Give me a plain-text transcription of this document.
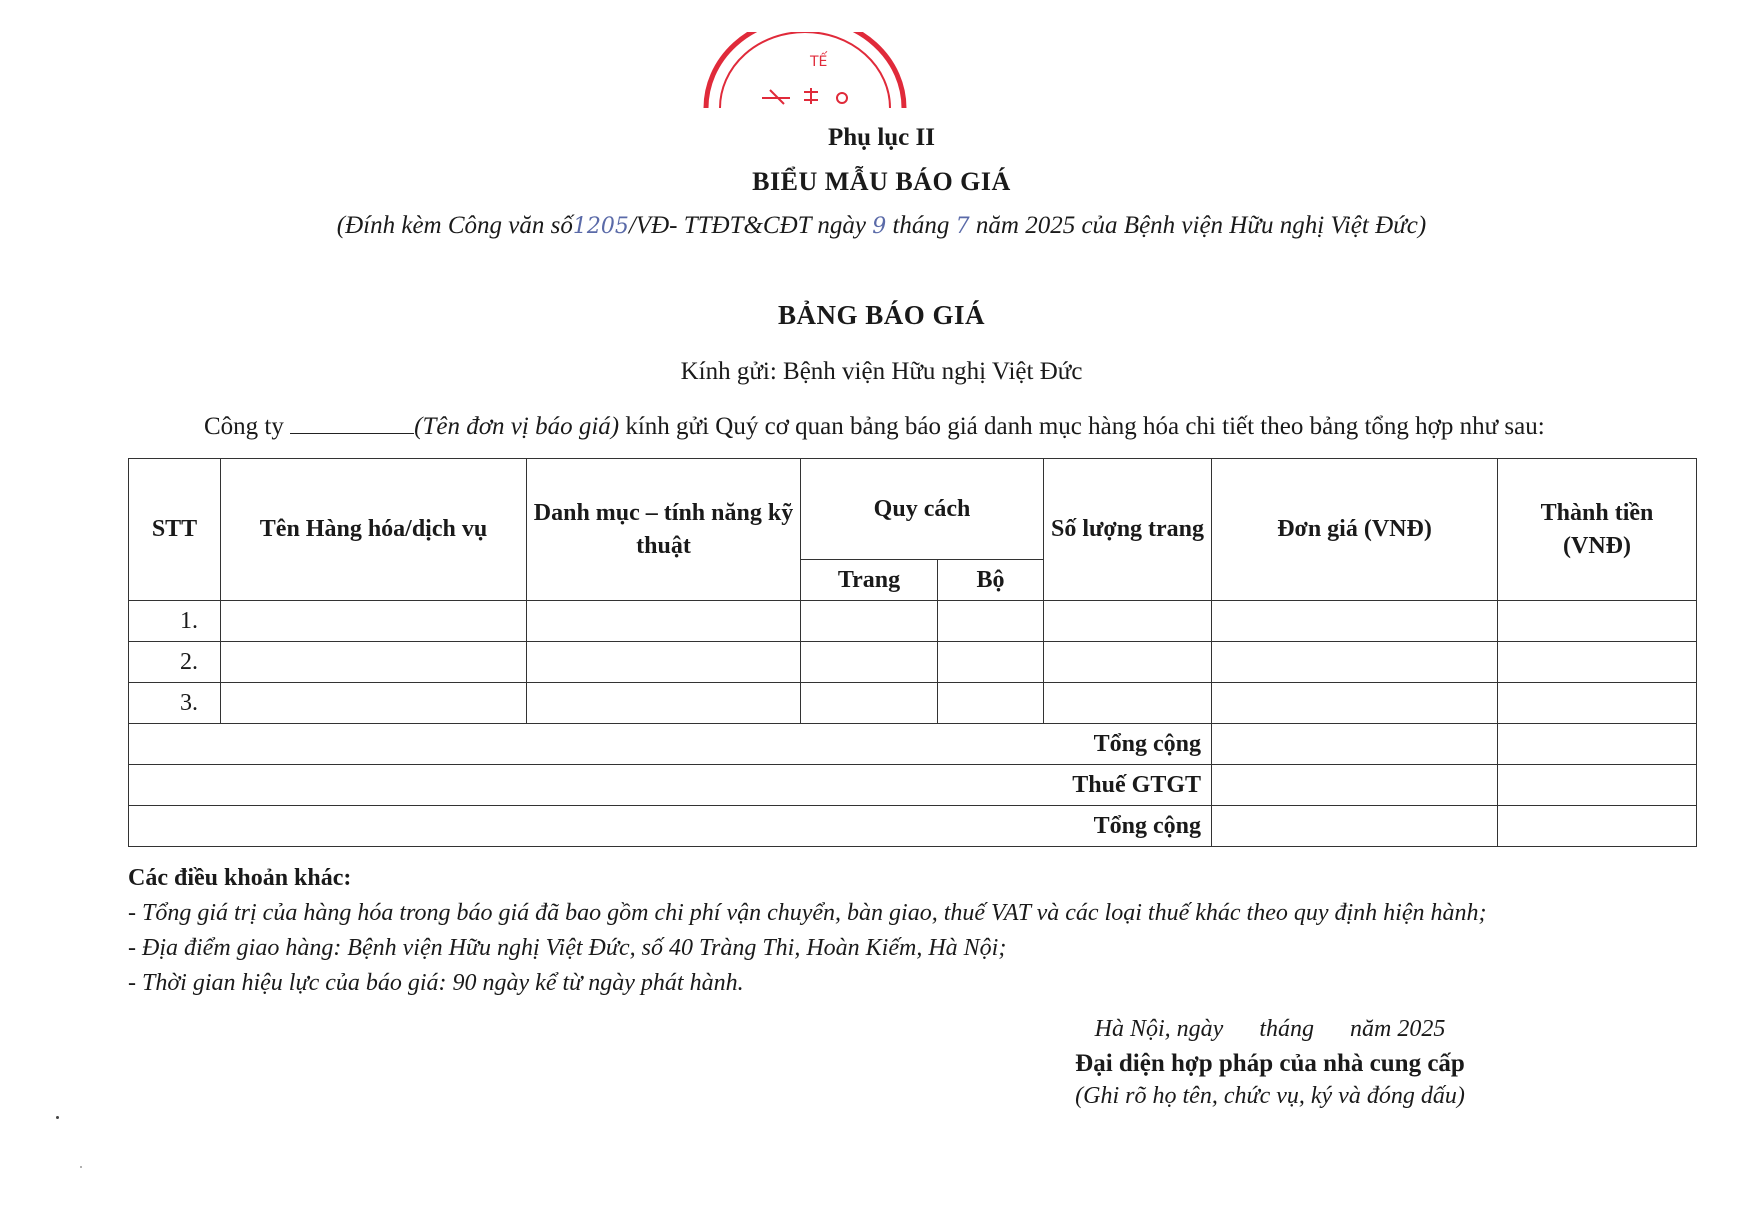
TẾ
Phụ lục II
BIỂU MẪU BÁO GIÁ
(Đính kèm Công văn số1205/VĐ- TTĐT&CĐT ngày 9 tháng 7 năm 2025 của Bệnh viện Hữu nghị Việt Đức)
BẢNG BÁO GIÁ
Kính gửi: Bệnh viện Hữu nghị Việt Đức
Công ty	(Tên đơn vị báo giá) kính gửi Quý cơ quan bảng báo giá danh mục hàng hóa chi tiết theo bảng tổng hợp như sau:
STT	Tên Hàng hóa/dịch vụ	Danh mục – tính năng kỹ thuật	Quy cách		Số lượng trang	Đơn giá (VNĐ)	Thành tiền (VNĐ)
			Trang	Bộ			
1.							
2.							
3.							
Tổng cộng							
Thuế GTGT							
Tổng cộng							
Các điều khoản khác:
- Tổng giá trị của hàng hóa trong báo giá đã bao gồm chi phí vận chuyển, bàn giao, thuế VAT và các loại thuế khác theo quy định hiện hành;
- Địa điểm giao hàng: Bệnh viện Hữu nghị Việt Đức, số 40 Tràng Thi, Hoàn Kiếm, Hà Nội;
- Thời gian hiệu lực của báo giá: 90 ngày kể từ ngày phát hành.
Hà Nội, ngày      tháng      năm 2025
Đại diện hợp pháp của nhà cung cấp
(Ghi rõ họ tên, chức vụ, ký và đóng dấu)
